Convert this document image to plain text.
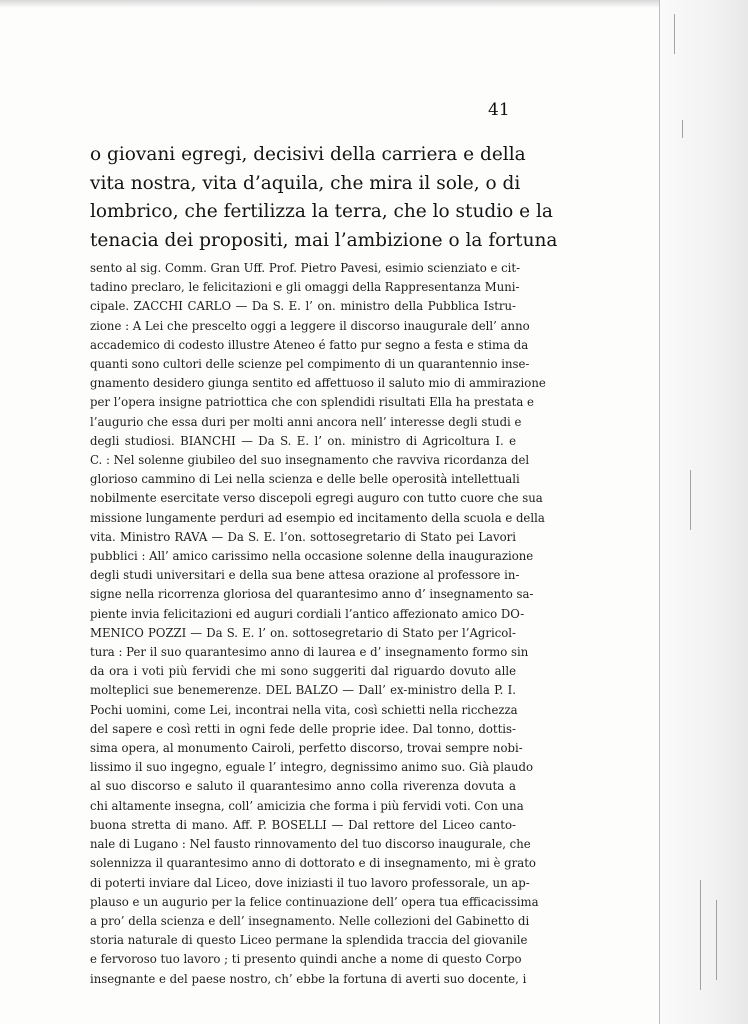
41
o giovani egregi, decisivi della carriera e della
vita nostra, vita d’aquila, che mira il sole, o di
lombrico, che fertilizza la terra, che lo studio e la
tenacia dei propositi, mai l’ambizione o la fortuna
sento al sig. Comm. Gran Uff. Prof. Pietro Pavesi, esimio scienziato e cit-
tadino preclaro, le felicitazioni e gli omaggi della Rappresentanza Muni-
cipale. ZACCHI CARLO — Da S. E. l’ on. ministro della Pubblica Istru-
zione : A Lei che prescelto oggi a leggere il discorso inaugurale dell’ anno
accademico di codesto illustre Ateneo é fatto pur segno a festa e stima da
quanti sono cultori delle scienze pel compimento di un quarantennio inse-
gnamento desidero giunga sentito ed affettuoso il saluto mio di ammirazione
per l’opera insigne patriottica che con splendidi risultati Ella ha prestata e
l’augurio che essa duri per molti anni ancora nell’ interesse degli studi e
degli studiosi. BIANCHI — Da S. E. l’ on. ministro di Agricoltura I. e
C. : Nel solenne giubileo del suo insegnamento che ravviva ricordanza del
glorioso cammino di Lei nella scienza e delle belle operosità intellettuali
nobilmente esercitate verso discepoli egregi auguro con tutto cuore che sua
missione lungamente perduri ad esempio ed incitamento della scuola e della
vita. Ministro RAVA — Da S. E. l’on. sottosegretario di Stato pei Lavori
pubblici : All’ amico carissimo nella occasione solenne della inaugurazione
degli studi universitari e della sua bene attesa orazione al professore in-
signe nella ricorrenza gloriosa del quarantesimo anno d’ insegnamento sa-
piente invia felicitazioni ed auguri cordiali l’antico affezionato amico DO-
MENICO POZZI — Da S. E. l’ on. sottosegretario di Stato per l’Agricol-
tura : Per il suo quarantesimo anno di laurea e d’ insegnamento formo sin
da ora i voti più fervidi che mi sono suggeriti dal riguardo dovuto alle
molteplici sue benemerenze. DEL BALZO — Dall’ ex-ministro della P. I.
Pochi uomini, come Lei, incontrai nella vita, così schietti nella ricchezza
del sapere e così retti in ogni fede delle proprie idee. Dal tonno, dottis-
sima opera, al monumento Cairoli, perfetto discorso, trovai sempre nobi-
lissimo il suo ingegno, eguale l’ integro, degnissimo animo suo. Già plaudo
al suo discorso e saluto il quarantesimo anno colla riverenza dovuta a
chi altamente insegna, coll’ amicizia che forma i più fervidi voti. Con una
buona stretta di mano. Aff. P. BOSELLI — Dal rettore del Liceo canto-
nale di Lugano : Nel fausto rinnovamento del tuo discorso inaugurale, che
solennizza il quarantesimo anno di dottorato e di insegnamento, mi è grato
di poterti inviare dal Liceo, dove iniziasti il tuo lavoro professorale, un ap-
plauso e un augurio per la felice continuazione dell’ opera tua efficacissima
a pro’ della scienza e dell’ insegnamento. Nelle collezioni del Gabinetto di
storia naturale di questo Liceo permane la splendida traccia del giovanile
e fervoroso tuo lavoro ; ti presento quindi anche a nome di questo Corpo
insegnante e del paese nostro, ch’ ebbe la fortuna di averti suo docente, i
